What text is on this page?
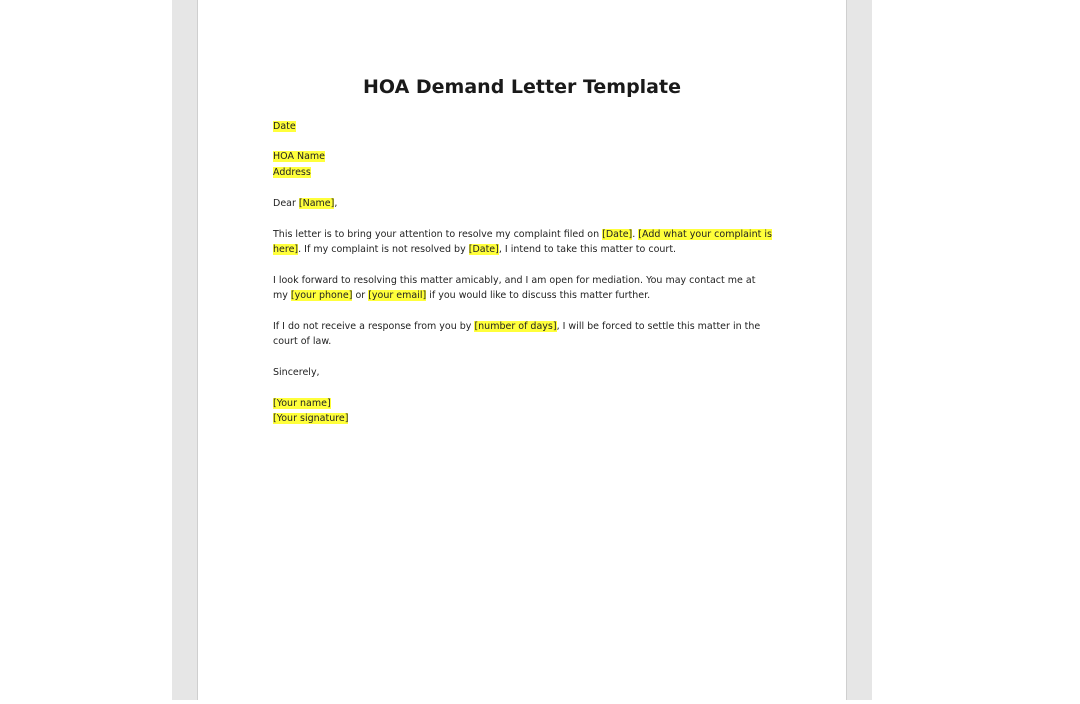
HOA Demand Letter Template
Date
HOA Name
Address
Dear [Name],

This letter is to bring your attention to resolve my complaint filed on [Date]. [Add what your complaint is here]. If my complaint is not resolved by [Date], I intend to take this matter to court.

I look forward to resolving this matter amicably, and I am open for mediation. You may contact me at my [your phone] or [your email] if you would like to discuss this matter further.

If I do not receive a response from you by [number of days], I will be forced to settle this matter in the court of law.

Sincerely,
[Your name]
[Your signature]
